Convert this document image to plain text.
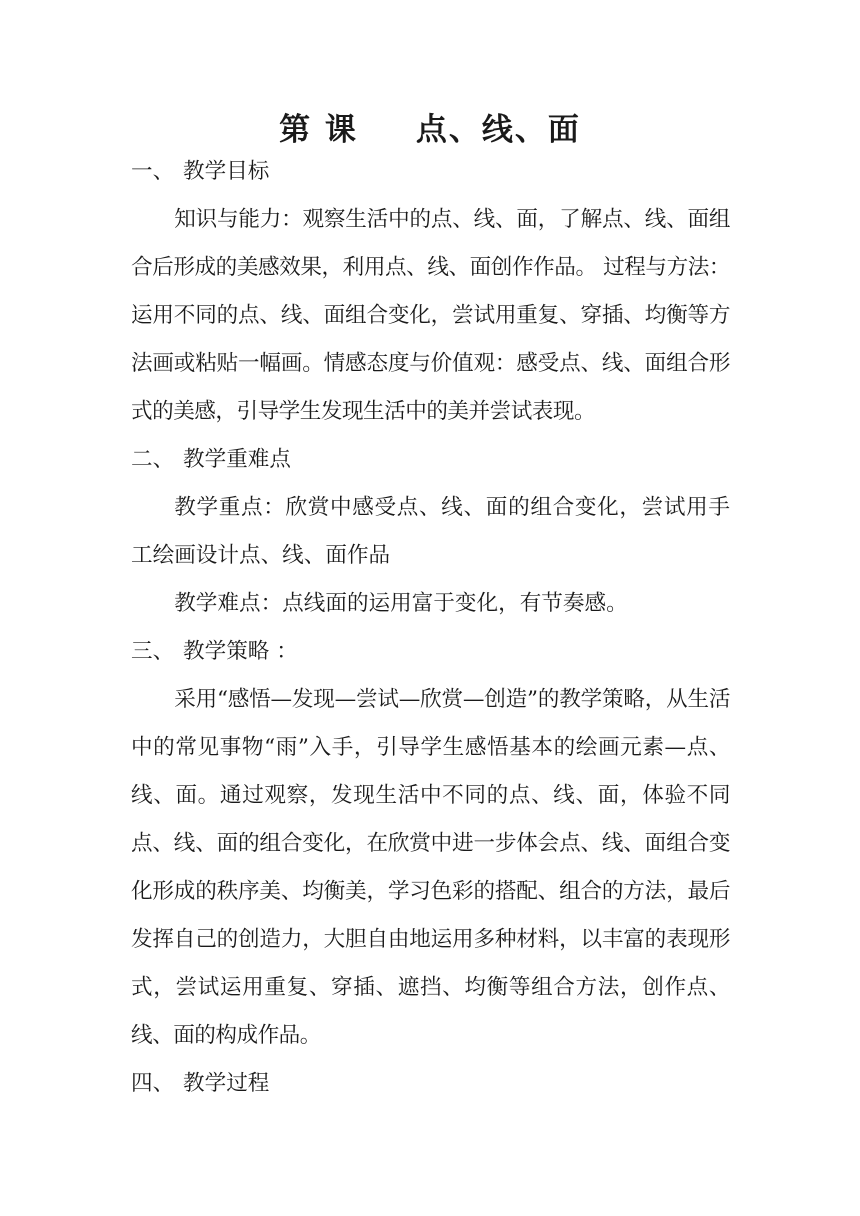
第 课 点、线、面
一、 教学目标

知识与能力：观察生活中的点、线、面，了解点、线、面组合后形成的美感效果，利用点、线、面创作作品。 过程与方法：运用不同的点、线、面组合变化，尝试用重复、穿插、均衡等方法画或粘贴一幅画。情感态度与价值观：感受点、线、面组合形式的美感，引导学生发现生活中的美并尝试表现。

二、 教学重难点

教学重点：欣赏中感受点、线、面的组合变化，尝试用手工绘画设计点、线、面作品

教学难点：点线面的运用富于变化，有节奏感。

三、 教学策略 ：

采用“感悟—发现—尝试—欣赏—创造”的教学策略，从生活中的常见事物“雨”入手，引导学生感悟基本的绘画元素—点、线、面。通过观察，发现生活中不同的点、线、面，体验不同点、线、面的组合变化，在欣赏中进一步体会点、线、面组合变化形成的秩序美、均衡美，学习色彩的搭配、组合的方法，最后发挥自己的创造力，大胆自由地运用多种材料，以丰富的表现形式，尝试运用重复、穿插、遮挡、均衡等组合方法，创作点、线、面的构成作品。

四、 教学过程
